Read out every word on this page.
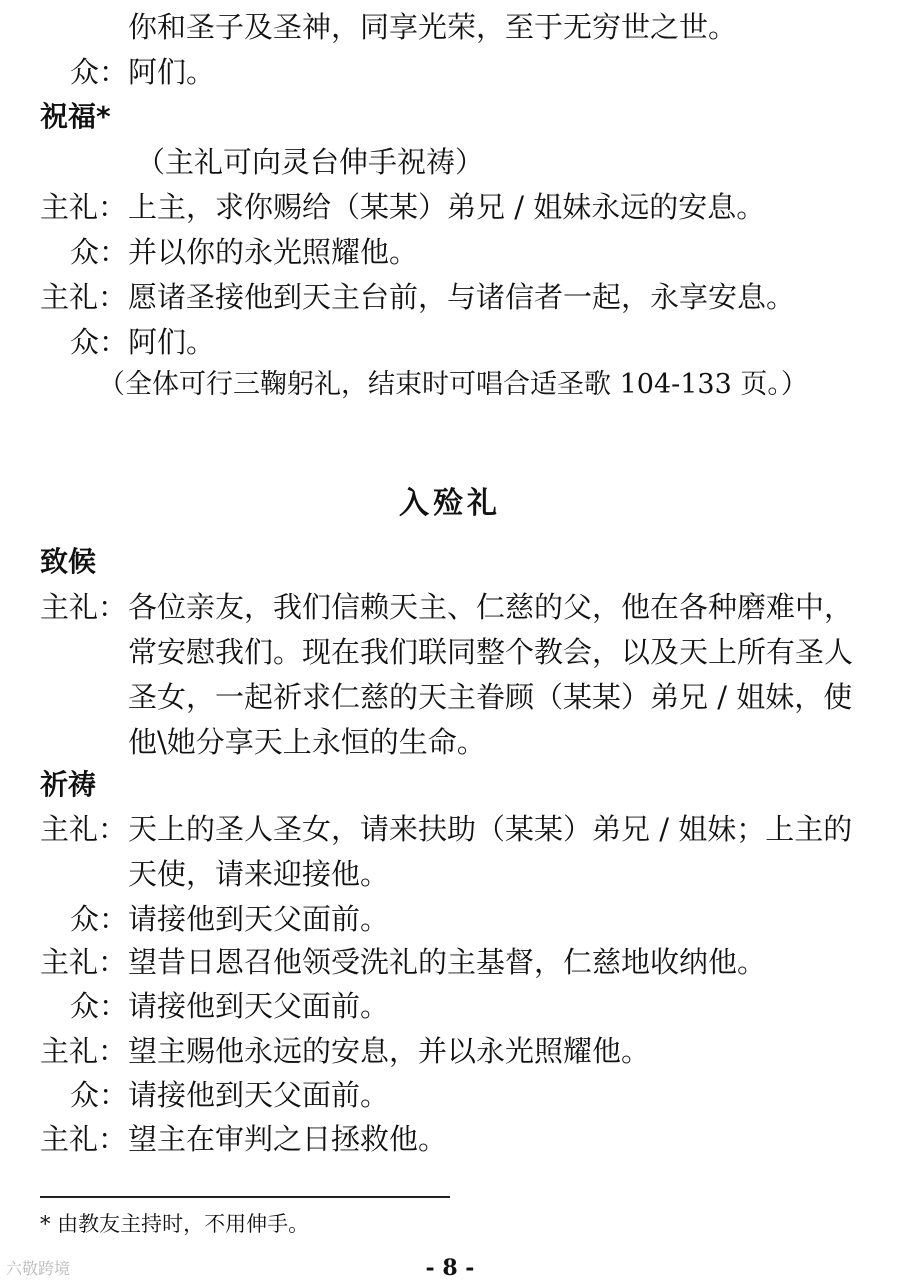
你和圣子及圣神，同享光荣，至于无穷世之世。
众： 阿们。
祝福*
（主礼可向灵台伸手祝祷）
主礼： 上主，求你赐给（某某）弟兄 / 姐妹永远的安息。
众： 并以你的永光照耀他。
主礼： 愿诸圣接他到天主台前，与诸信者一起，永享安息。
众： 阿们。
（全体可行三鞠躬礼，结束时可唱合适圣歌 104-133 页。）
入殓礼
致候
主礼： 各位亲友，我们信赖天主、仁慈的父，他在各种磨难中，
常安慰我们。现在我们联同整个教会，以及天上所有圣人
圣女，一起祈求仁慈的天主眷顾（某某）弟兄 / 姐妹，使
他\她分享天上永恒的生命。
祈祷
主礼： 天上的圣人圣女，请来扶助（某某）弟兄 / 姐妹；上主的
天使，请来迎接他。
众： 请接他到天父面前。
主礼： 望昔日恩召他领受洗礼的主基督，仁慈地收纳他。
众： 请接他到天父面前。
主礼： 望主赐他永远的安息，并以永光照耀他。
众： 请接他到天父面前。
主礼： 望主在审判之日拯救他。
* 由教友主持时，不用伸手。
- 8 -
六敬跨境
